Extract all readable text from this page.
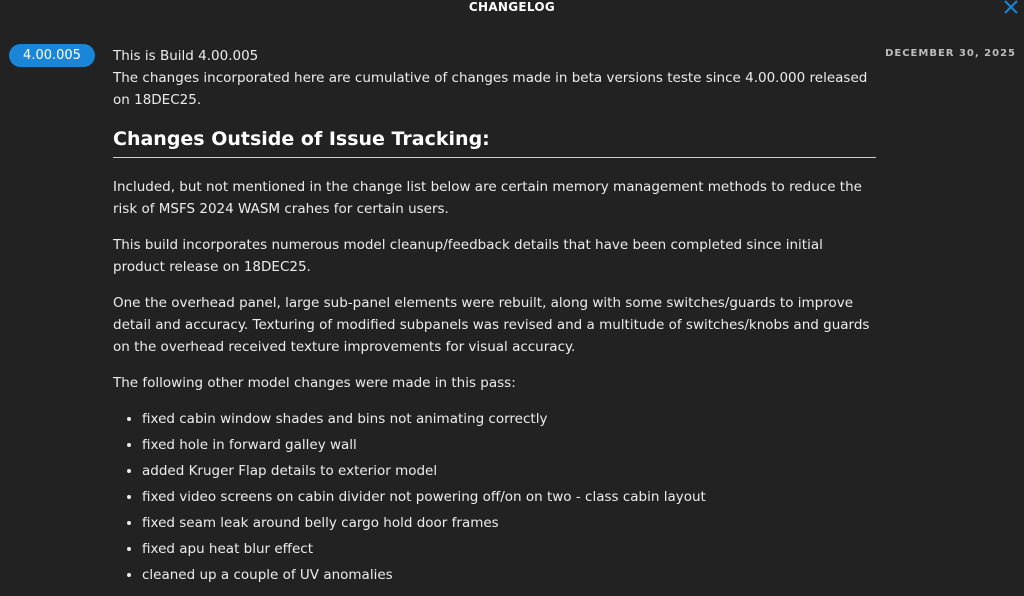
CHANGELOG
4.00.005	DECEMBER 30, 2025

This is Build 4.00.005

The changes incorporated here are cumulative of changes made in beta versions teste since 4.00.000 released on 18DEC25.

Changes Outside of Issue Tracking:

Included, but not mentioned in the change list below are certain memory management methods to reduce the risk of MSFS 2024 WASM crahes for certain users.

This build incorporates numerous model cleanup/feedback details that have been completed since initial product release on 18DEC25.

One the overhead panel, large sub-panel elements were rebuilt, along with some switches/guards to improve detail and accuracy. Texturing of modified subpanels was revised and a multitude of switches/knobs and guards on the overhead received texture improvements for visual accuracy.

The following other model changes were made in this pass:

• fixed cabin window shades and bins not animating correctly
• fixed hole in forward galley wall
• added Kruger Flap details to exterior model
• fixed video screens on cabin divider not powering off/on on two - class cabin layout
• fixed seam leak around belly cargo hold door frames
• fixed apu heat blur effect
• cleaned up a couple of UV anomalies
